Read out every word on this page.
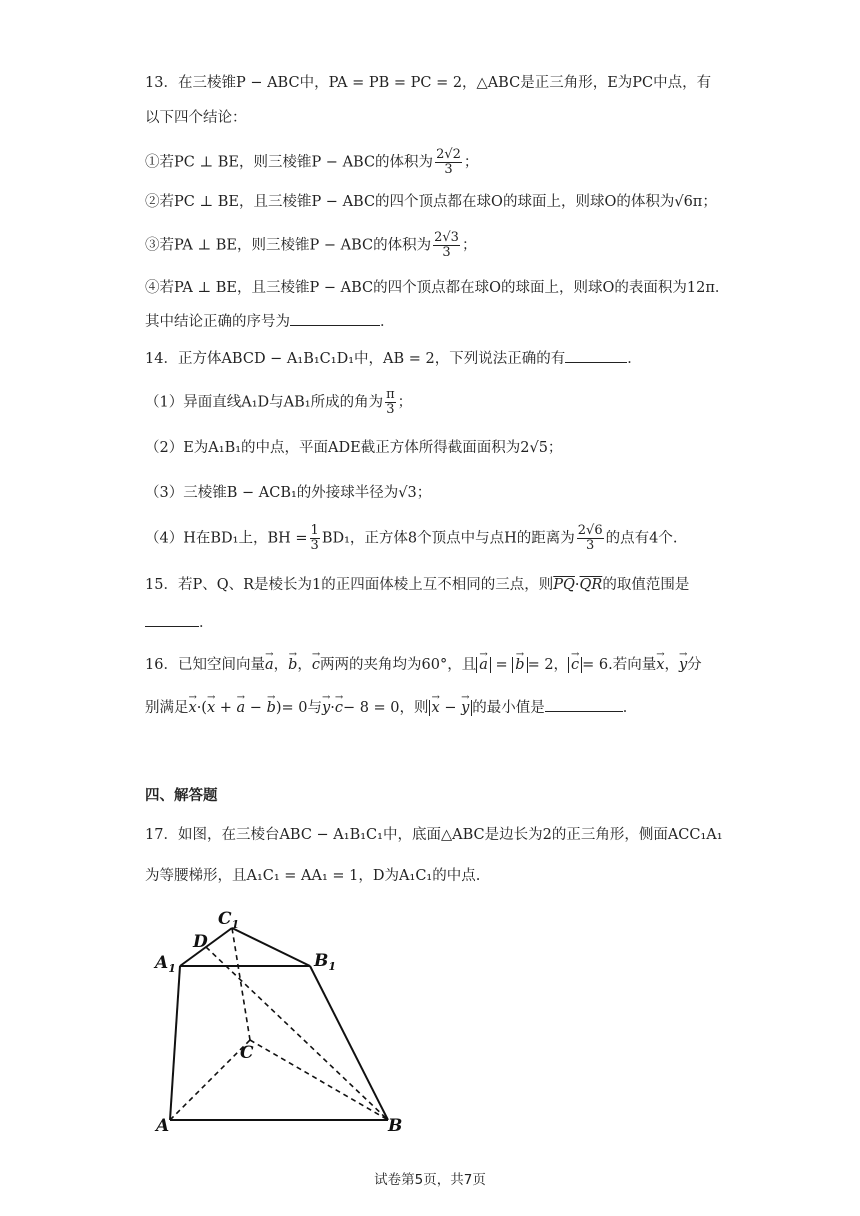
13．在三棱锥P − ABC中，PA = PB = PC = 2，△ABC是正三角形，E为PC中点，有
以下四个结论：
①若PC ⊥ BE，则三棱锥P − ABC的体积为 $\frac{2√2}{3}$ ；
②若PC ⊥ BE，且三棱锥P − ABC的四个顶点都在球O的球面上，则球O的体积为√6π；
③若PA ⊥ BE，则三棱锥P − ABC的体积为 $\frac{2√3}{3}$ ；
④若PA ⊥ BE，且三棱锥P − ABC的四个顶点都在球O的球面上，则球O的表面积为12π．
其中结论正确的序号为	．
14．正方体ABCD − A₁B₁C₁D₁中，AB = 2，下列说法正确的有	．
（1）异面直线A₁D与AB₁所成的角为 $\frac{\pi}{3}$ ；
（2）E为A₁B₁的中点，平面ADE截正方体所得截面面积为2√5；
（3）三棱锥B − ACB₁的外接球半径为√3；
（4）H在BD₁上，BH = $\frac{1}{3} BD_1$，正方体8个顶点中与点H的距离为 $\frac{2√6}{3}$ 的点有4个.
15．若P、Q、R是棱长为1的正四面体棱上互不相同的三点，则$\overline{PQ}\cdot\overline{QR}$的取值范围是
．
16．已知空间向量→ a，→ b，→ c两两的夹角均为60°，且 → a = → b = 2， → c = 6.若向量→ x，→ y分
别满足→ x·(→ x + → a − → b)= 0与→ y·→ c− 8 = 0，则 → x − → y 的最小值是	．
四、解答题
17．如图，在三棱台ABC − A₁B₁C₁中，底面△ABC是边长为2的正三角形，侧面ACC₁A₁
为等腰梯形，且A₁C₁ = AA₁ = 1，D为A₁C₁的中点.
$C_1$
D
$A_1$	$B_1$
C
A	B
试卷第5页，共7页
